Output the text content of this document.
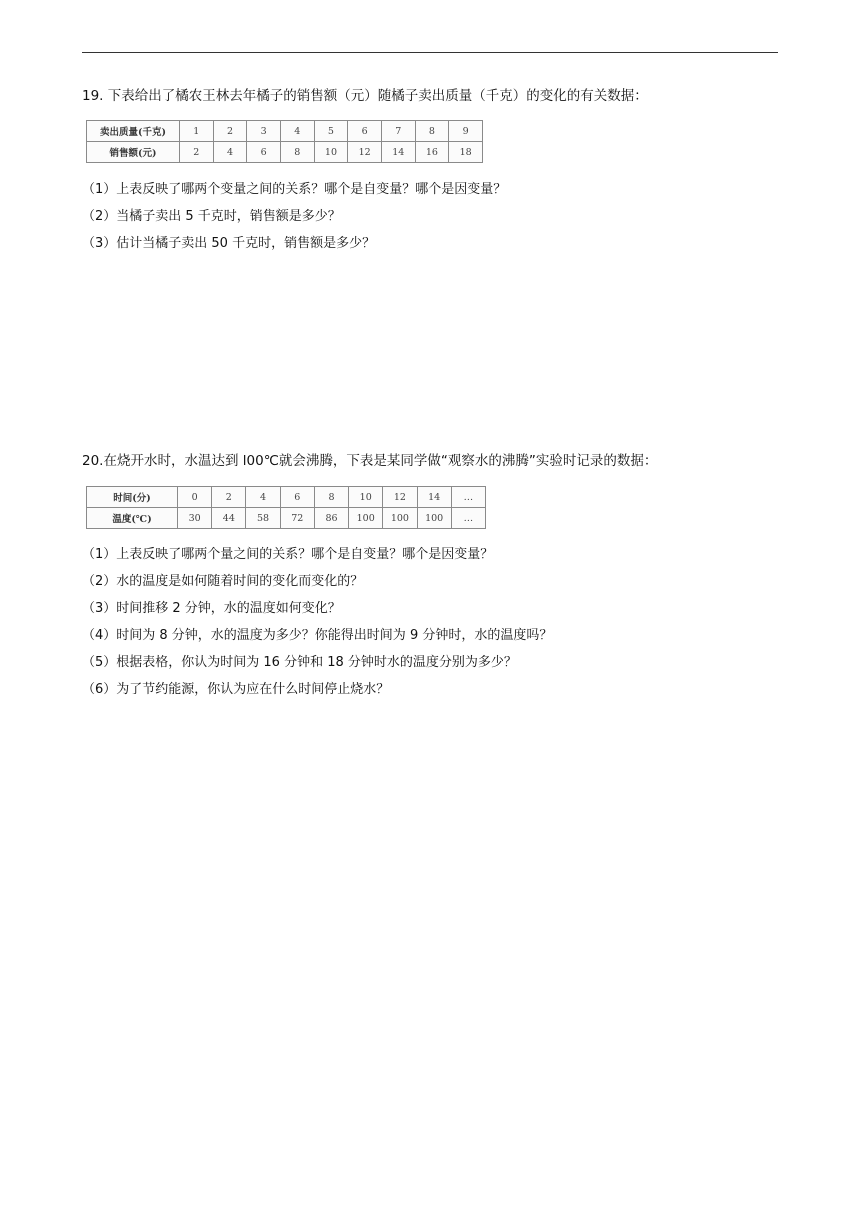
19. 下表给出了橘农王林去年橘子的销售额（元）随橘子卖出质量（千克）的变化的有关数据：
卖出质量(千克)	1	2	3	4	5	6	7	8	9
销售额(元)	2	4	6	8	10	12	14	16	18
（1）上表反映了哪两个变量之间的关系？哪个是自变量？哪个是因变量？
（2）当橘子卖出 5 千克时，销售额是多少？
（3）估计当橘子卖出 50 千克时，销售额是多少？
20.在烧开水时，水温达到 l00℃就会沸腾，下表是某同学做“观察水的沸腾”实验时记录的数据：
时间(分)	0	2	4	6	8	10	12	14	…
温度(℃)	30	44	58	72	86	100	100	100	…
（1）上表反映了哪两个量之间的关系？哪个是自变量？哪个是因变量？
（2）水的温度是如何随着时间的变化而变化的？
（3）时间推移 2 分钟，水的温度如何变化？
（4）时间为 8 分钟，水的温度为多少？你能得出时间为 9 分钟时，水的温度吗？
（5）根据表格，你认为时间为 16 分钟和 18 分钟时水的温度分别为多少？
（6）为了节约能源，你认为应在什么时间停止烧水？
